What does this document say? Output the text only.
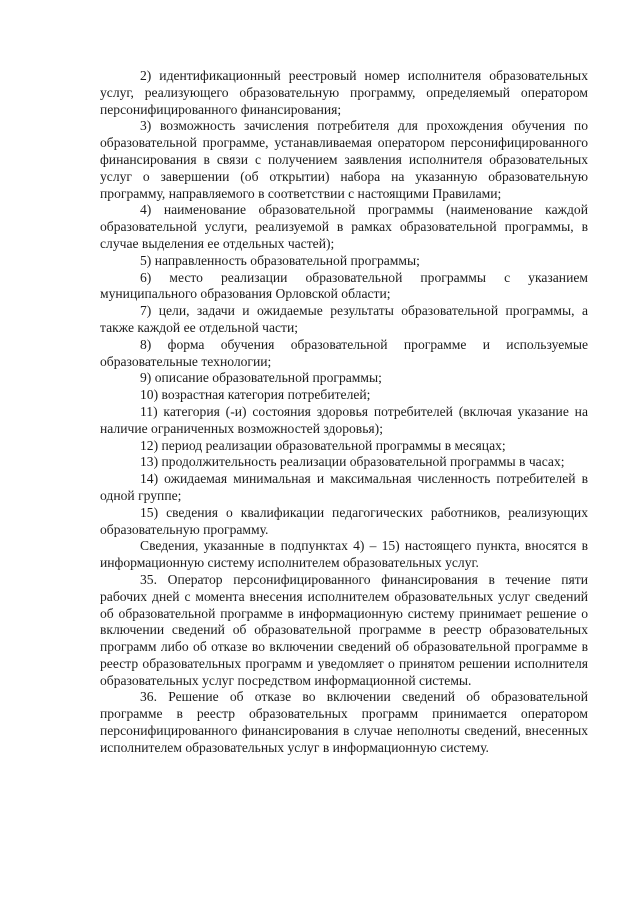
2) идентификационный реестровый номер исполнителя образовательных услуг, реализующего образовательную программу, определяемый оператором персонифицированного финансирования;

3) возможность зачисления потребителя для прохождения обучения по образовательной программе, устанавливаемая оператором персонифицированного финансирования в связи с получением заявления исполнителя образовательных услуг о завершении (об открытии) набора на указанную образовательную программу, направляемого в соответствии с настоящими Правилами;

4) наименование образовательной программы (наименование каждой образовательной услуги, реализуемой в рамках образовательной программы, в случае выделения ее отдельных частей);

5) направленность образовательной программы;

6) место реализации образовательной программы с указанием муниципального образования Орловской области;

7) цели, задачи и ожидаемые результаты образовательной программы, а также каждой ее отдельной части;

8) форма обучения образовательной программе и используемые образовательные технологии;

9) описание образовательной программы;

10) возрастная категория потребителей;

11) категория (-и) состояния здоровья потребителей (включая указание на наличие ограниченных возможностей здоровья);

12) период реализации образовательной программы в месяцах;

13) продолжительность реализации образовательной программы в часах;

14) ожидаемая минимальная и максимальная численность потребителей в одной группе;

15) сведения о квалификации педагогических работников, реализующих образовательную программу.

Сведения, указанные в подпунктах 4) – 15) настоящего пункта, вносятся в информационную систему исполнителем образовательных услуг.

35. Оператор персонифицированного финансирования в течение пяти рабочих дней с момента внесения исполнителем образовательных услуг сведений об образовательной программе в информационную систему принимает решение о включении сведений об образовательной программе в реестр образовательных программ либо об отказе во включении сведений об образовательной программе в реестр образовательных программ и уведомляет о принятом решении исполнителя образовательных услуг посредством информационной системы.

36. Решение об отказе во включении сведений об образовательной программе в реестр образовательных программ принимается оператором персонифицированного финансирования в случае неполноты сведений, внесенных исполнителем образовательных услуг в информационную систему.
